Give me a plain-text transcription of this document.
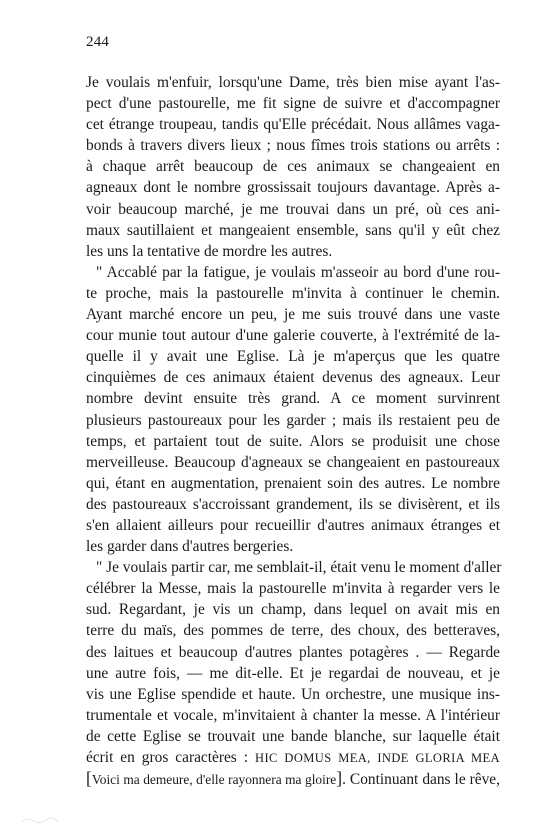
244
Je voulais m'enfuir, lorsqu'une Dame, très bien mise ayant l'as-
pect d'une pastourelle, me fit signe de suivre et d'accompagner
cet étrange troupeau, tandis qu'Elle précédait. Nous allâmes vaga-
bonds à travers divers lieux ; nous fîmes trois stations ou arrêts :
à chaque arrêt beaucoup de ces animaux se changeaient en
agneaux dont le nombre grossissait toujours davantage. Après a-
voir beaucoup marché, je me trouvai dans un pré, où ces ani-
maux sautillaient et mangeaient ensemble, sans qu'il y eût chez
les uns la tentative de mordre les autres.
" Accablé par la fatigue, je voulais m'asseoir au bord d'une rou-
te proche, mais la pastourelle m'invita à continuer le chemin.
Ayant marché encore un peu, je me suis trouvé dans une vaste
cour munie tout autour d'une galerie couverte, à l'extrémité de la-
quelle il y avait une Eglise. Là je m'aperçus que les quatre
cinquièmes de ces animaux étaient devenus des agneaux. Leur
nombre devint ensuite très grand. A ce moment survinrent
plusieurs pastoureaux pour les garder ; mais ils restaient peu de
temps, et partaient tout de suite. Alors se produisit une chose
merveilleuse. Beaucoup d'agneaux se changeaient en pastoureaux
qui, étant en augmentation, prenaient soin des autres. Le nombre
des pastoureaux s'accroissant grandement, ils se divisèrent, et ils
s'en allaient ailleurs pour recueillir d'autres animaux étranges et
les garder dans d'autres bergeries.
" Je voulais partir car, me semblait-il, était venu le moment d'aller
célébrer la Messe, mais la pastourelle m'invita à regarder vers le
sud. Regardant, je vis un champ, dans lequel on avait mis en
terre du maïs, des pommes de terre, des choux, des betteraves,
des laitues et beaucoup d'autres plantes potagères . — Regarde
une autre fois, — me dit-elle. Et je regardai de nouveau, et je
vis une Eglise spendide et haute. Un orchestre, une musique ins-
trumentale et vocale, m'invitaient à chanter la messe. A l'intérieur
de cette Eglise se trouvait une bande blanche, sur laquelle était
écrit en gros caractères : HIC DOMUS MEA, INDE GLORIA MEA
[Voici ma demeure, d'elle rayonnera ma gloire]. Continuant dans le rêve,
